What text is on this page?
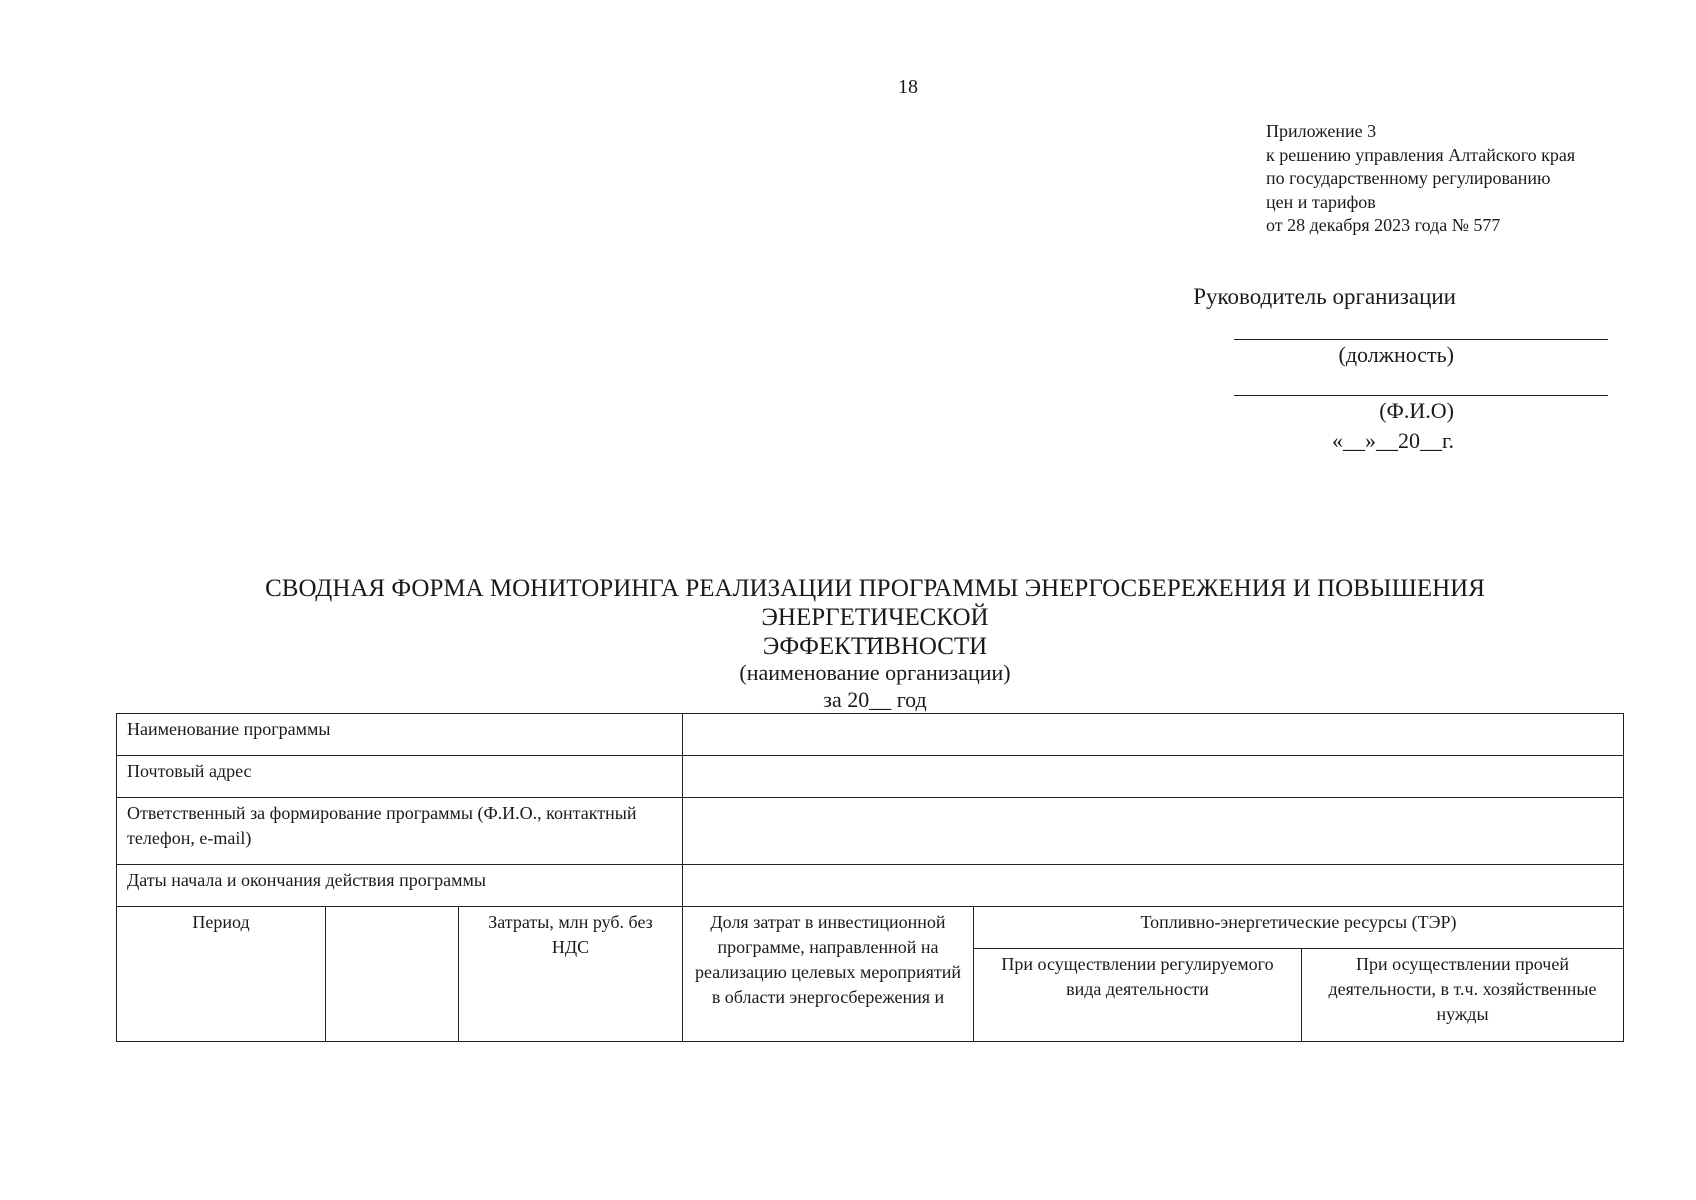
18
Приложение 3
к решению управления Алтайского края
по государственному регулированию
цен и тарифов
от 28 декабря 2023 года № 577
Руководитель организации
(должность)
(Ф.И.О)
«__»__20__г.
СВОДНАЯ ФОРМА МОНИТОРИНГА РЕАЛИЗАЦИИ ПРОГРАММЫ ЭНЕРГОСБЕРЕЖЕНИЯ И ПОВЫШЕНИЯ ЭНЕРГЕТИЧЕСКОЙ
ЭФФЕКТИВНОСТИ
(наименование организации)
за 20__ год
Наименование программы					
Почтовый адрес					
Ответственный за формирование программы (Ф.И.О., контактный телефон, e-mail)					
Даты начала и окончания действия программы					
Период		Затраты, млн руб. без НДС	Доля затрат в инвестиционной программе, направленной на реализацию целевых мероприятий в области энергосбережения и	Топливно-энергетические ресурсы (ТЭР)	
				При осуществлении регулируемого вида деятельности	При осуществлении прочей деятельности, в т.ч. хозяйственные нужды
